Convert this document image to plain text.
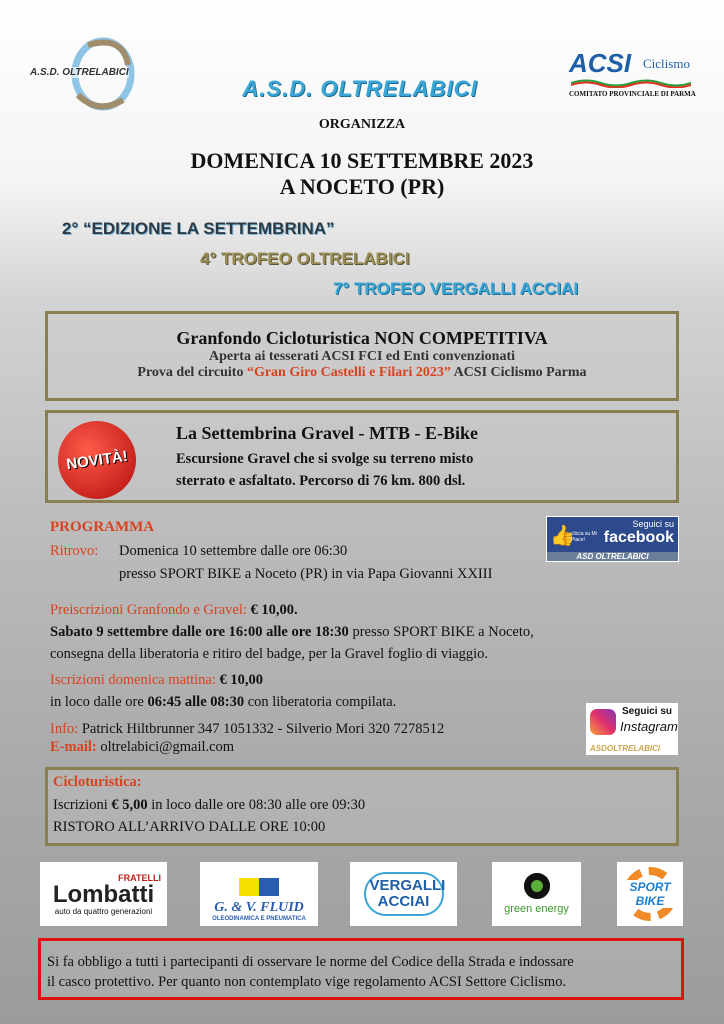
A.S.D. OLTRELABICI
A.S.D. OLTRELABICI
ACSI Ciclismo
COMITATO PROVINCIALE DI PARMA
ORGANIZZA
DOMENICA 10 SETTEMBRE 2023
A NOCETO (PR)
2° “EDIZIONE LA SETTEMBRINA”
4° TROFEO OLTRELABICI
7° TROFEO VERGALLI ACCIAI
Granfondo Cicloturistica NON COMPETITIVA
Aperta ai tesserati ACSI FCI ed Enti convenzionati
Prova del circuito “Gran Giro Castelli e Filari 2023” ACSI Ciclismo Parma
NOVITÀ!
La Settembrina Gravel - MTB - E-Bike
Escursione Gravel che si svolge su terreno misto
sterrato e asfaltato. Percorso di 76 km. 800 dsl.
PROGRAMMA
Ritrovo: Domenica 10 settembre dalle ore 06:30
presso SPORT BIKE a Noceto (PR) in via Papa Giovanni XXIII
Preiscrizioni Granfondo e Gravel: € 10,00.
Sabato 9 settembre dalle ore 16:00 alle ore 18:30 presso SPORT BIKE a Noceto,
consegna della liberatoria e ritiro del badge, per la Gravel foglio di viaggio.
Iscrizioni domenica mattina: € 10,00
in loco dalle ore 06:45 alle 08:30 con liberatoria compilata.
Info: Patrick Hiltbrunner 347 1051332 - Silverio Mori 320 7278512
E-mail: oltrelabici@gmail.com
👍
clicca su Mi Piace!
Seguici su
facebook
ASD OLTRELABICI
Seguici su
Instagram
ASDOLTRELABICI
Cicloturistica:
Iscrizioni € 5,00 in loco dalle ore 08:30 alle ore 09:30
RISTORO ALL’ARRIVO DALLE ORE 10:00
FRATELLI
Lombatti
auto da quattro generazioni	G. & V. FLUID
OLEODINAMICA E PNEUMATICA
VERGALLI ACCIAI	green energy
SPORT BIKE
Si fa obbligo a tutti i partecipanti di osservare le norme del Codice della Strada e indossare
il casco protettivo. Per quanto non contemplato vige regolamento ACSI Settore Ciclismo.
